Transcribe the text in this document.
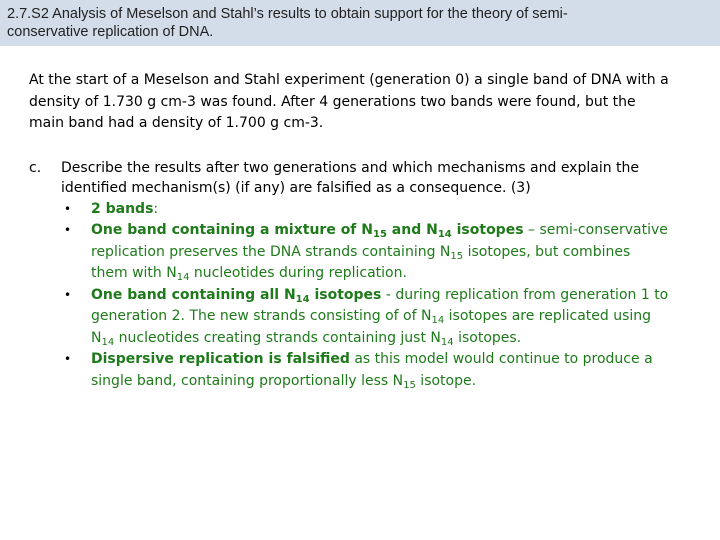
2.7.S2 Analysis of Meselson and Stahl’s results to obtain support for the theory of semi-
conservative replication of DNA.

At the start of a Meselson and Stahl experiment (generation 0) a single band of DNA with a
density of 1.730 g cm-3 was found. After 4 generations two bands were found, but the
main band had a density of 1.700 g cm-3.

c. Describe the results after two generations and which mechanisms and explain the
identified mechanism(s) (if any) are falsified as a consequence. (3)
• 2 bands:
• One band containing a mixture of $N_{15}$ and $N_{14}$ isotopes – semi-conservative
replication preserves the DNA strands containing $N_{15}$ isotopes, but combines
them with $N_{14}$ nucleotides during replication.
• One band containing all $N_{14}$ isotopes - during replication from generation 1 to
generation 2. The new strands consisting of of $N_{14}$ isotopes are replicated using
$N_{14}$ nucleotides creating strands containing just $N_{14}$ isotopes.
• Dispersive replication is falsified as this model would continue to produce a
single band, containing proportionally less $N_{15}$ isotope.
